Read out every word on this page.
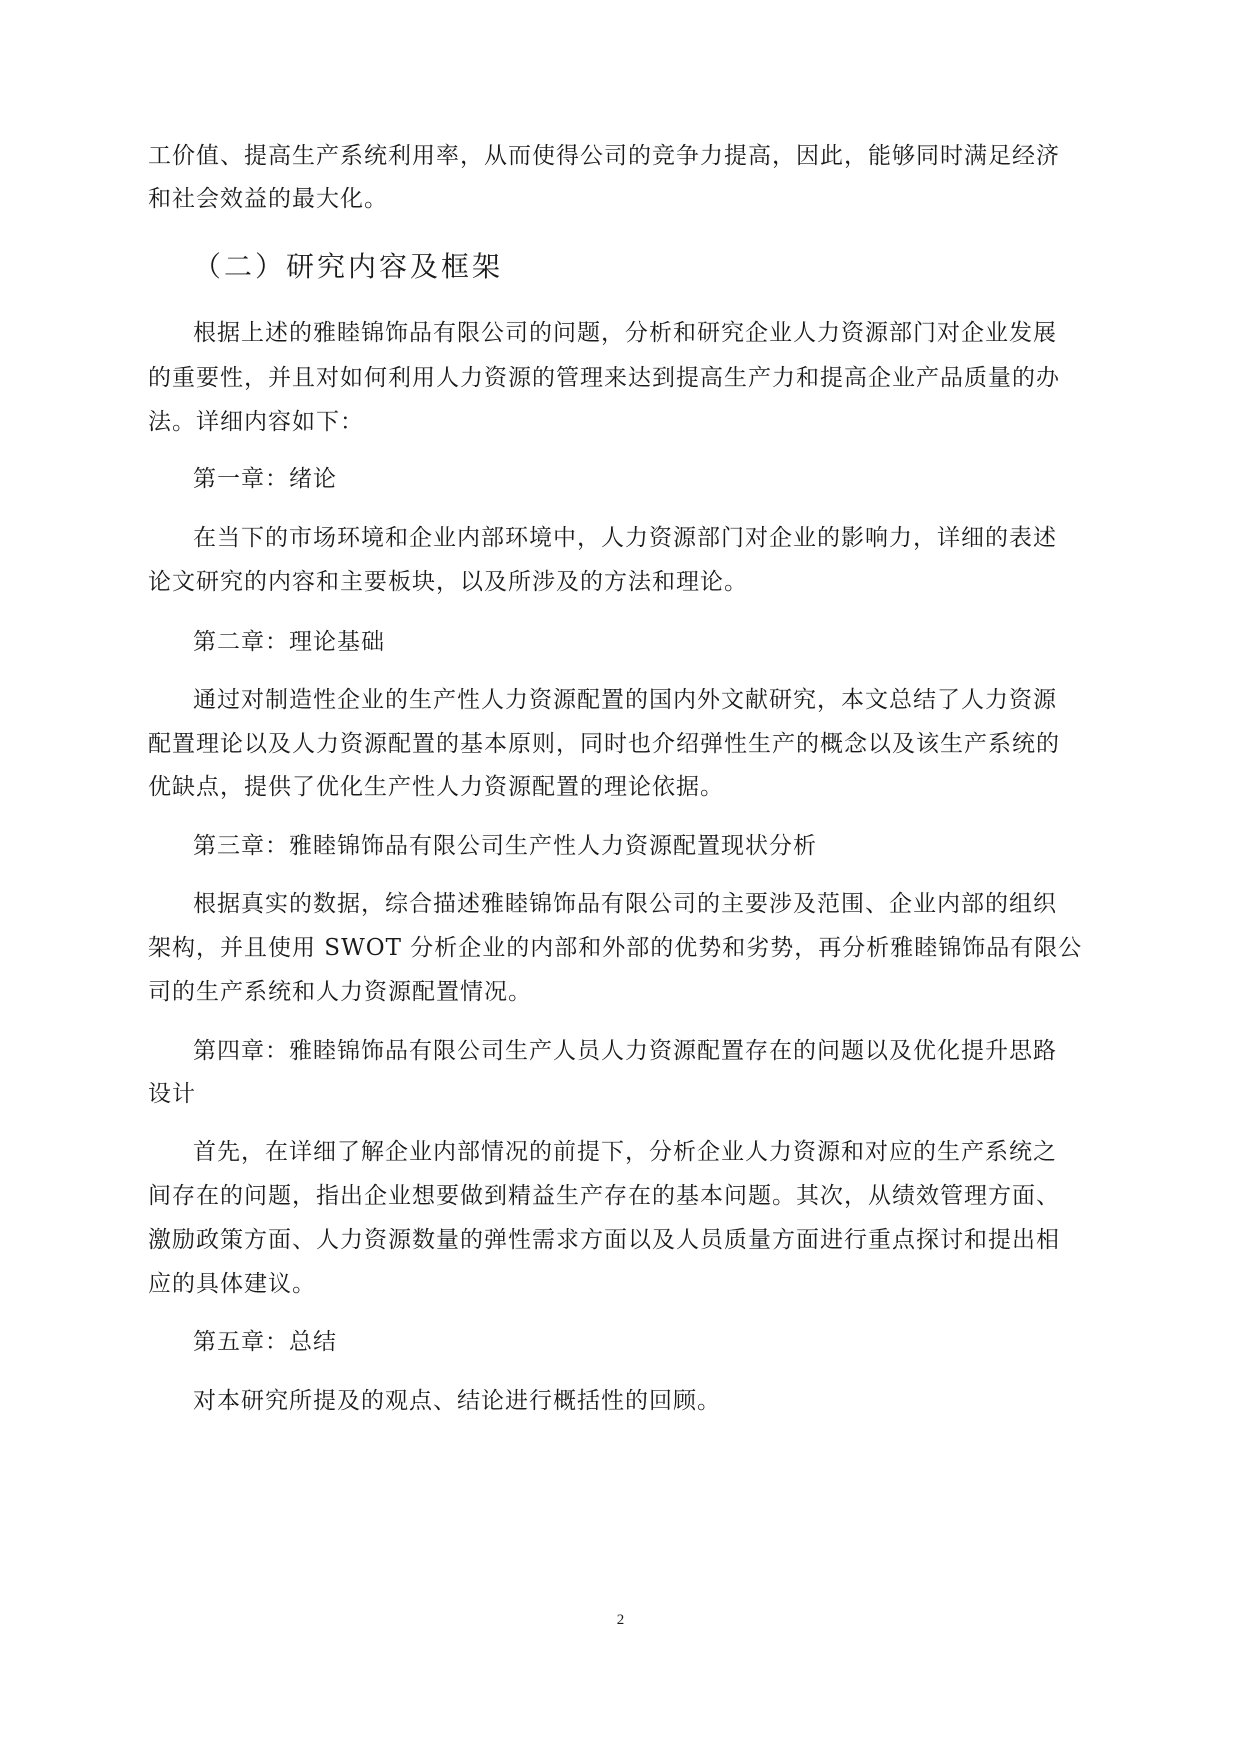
工价值、提高生产系统利用率，从而使得公司的竞争力提高，因此，能够同时满足经济
和社会效益的最大化。
（二）研究内容及框架
根据上述的雅睦锦饰品有限公司的问题，分析和研究企业人力资源部门对企业发展
的重要性，并且对如何利用人力资源的管理来达到提高生产力和提高企业产品质量的办
法。详细内容如下：
第一章：绪论
在当下的市场环境和企业内部环境中，人力资源部门对企业的影响力，详细的表述
论文研究的内容和主要板块，以及所涉及的方法和理论。
第二章：理论基础
通过对制造性企业的生产性人力资源配置的国内外文献研究，本文总结了人力资源
配置理论以及人力资源配置的基本原则，同时也介绍弹性生产的概念以及该生产系统的
优缺点，提供了优化生产性人力资源配置的理论依据。
第三章：雅睦锦饰品有限公司生产性人力资源配置现状分析
根据真实的数据，综合描述雅睦锦饰品有限公司的主要涉及范围、企业内部的组织
架构，并且使用 SWOT 分析企业的内部和外部的优势和劣势，再分析雅睦锦饰品有限公
司的生产系统和人力资源配置情况。
第四章：雅睦锦饰品有限公司生产人员人力资源配置存在的问题以及优化提升思路
设计
首先，在详细了解企业内部情况的前提下，分析企业人力资源和对应的生产系统之
间存在的问题，指出企业想要做到精益生产存在的基本问题。其次，从绩效管理方面、
激励政策方面、人力资源数量的弹性需求方面以及人员质量方面进行重点探讨和提出相
应的具体建议。
第五章：总结
对本研究所提及的观点、结论进行概括性的回顾。
2
